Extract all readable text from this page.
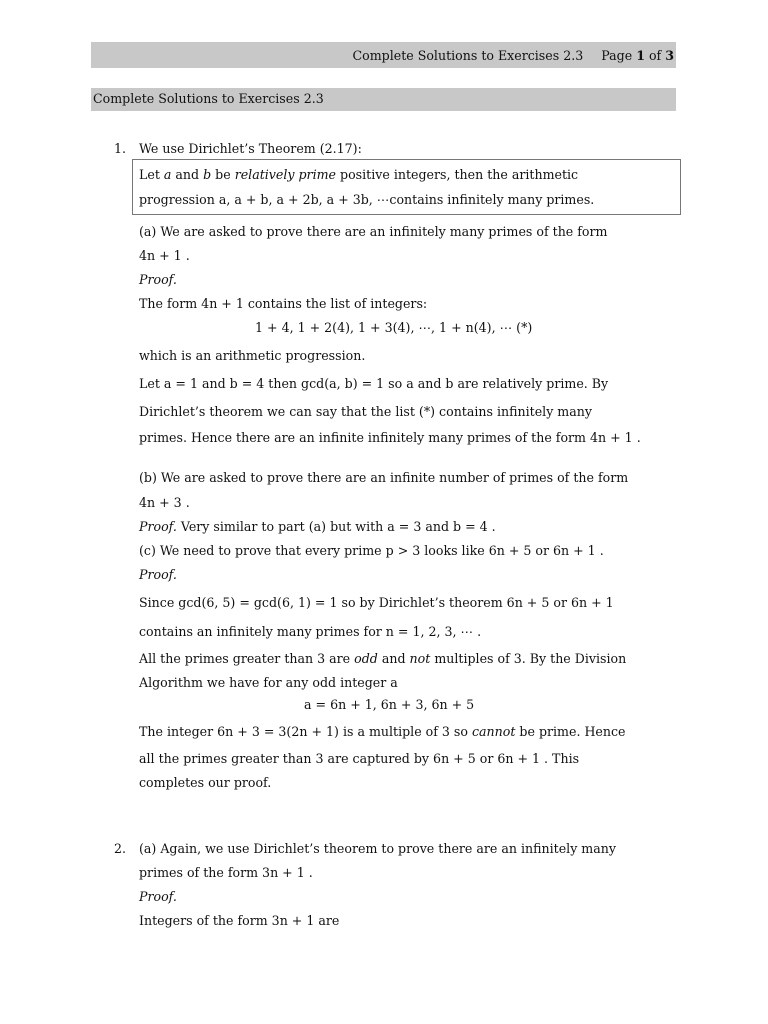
Complete Solutions to Exercises 2.3 Page 1 of 3
Complete Solutions to Exercises 2.3
1. We use Dirichlet’s Theorem (2.17):
Let a and b be relatively prime positive integers, then the arithmetic
progression a, a + b, a + 2b, a + 3b, ⋯contains infinitely many primes.
(a) We are asked to prove there are an infinitely many primes of the form
4n + 1 .
Proof.
The form 4n + 1 contains the list of integers:
1 + 4, 1 + 2(4), 1 + 3(4), ⋯, 1 + n(4), ⋯ (*)
which is an arithmetic progression.
Let a = 1 and b = 4 then gcd(a, b) = 1 so a and b are relatively prime. By
Dirichlet’s theorem we can say that the list (*) contains infinitely many
primes. Hence there are an infinite infinitely many primes of the form 4n + 1 .
(b) We are asked to prove there are an infinite number of primes of the form
4n + 3 .
Proof. Very similar to part (a) but with a = 3 and b = 4 .
(c) We need to prove that every prime p > 3 looks like 6n + 5 or 6n + 1 .
Proof.
Since gcd(6, 5) = gcd(6, 1) = 1 so by Dirichlet’s theorem 6n + 5 or 6n + 1
contains an infinitely many primes for n = 1, 2, 3, ⋯ .
All the primes greater than 3 are odd and not multiples of 3. By the Division
Algorithm we have for any odd integer a
a = 6n + 1, 6n + 3, 6n + 5
The integer 6n + 3 = 3(2n + 1) is a multiple of 3 so cannot be prime. Hence
all the primes greater than 3 are captured by 6n + 5 or 6n + 1 . This
completes our proof.
2. (a) Again, we use Dirichlet’s theorem to prove there are an infinitely many
primes of the form 3n + 1 .
Proof.
Integers of the form 3n + 1 are
